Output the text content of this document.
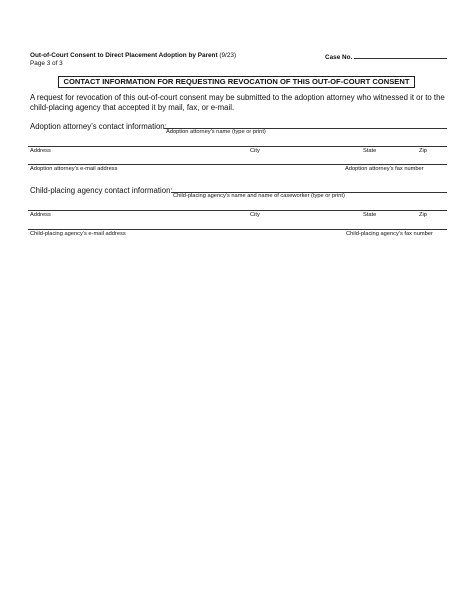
Out-of-Court Consent to Direct Placement Adoption by Parent (9/23)
Page 3 of 3
Case No.
CONTACT INFORMATION FOR REQUESTING REVOCATION OF THIS OUT-OF-COURT CONSENT
A request for revocation of this out-of-court consent may be submitted to the adoption attorney who witnessed it or to the child-placing agency that accepted it by mail, fax, or e-mail.
Adoption attorney’s contact information:
Adoption attorney’s name (type or print)
Address	City	State	Zip
Adoption attorney’s e-mail address	Adoption attorney’s fax number
Child-placing agency contact information:
Child-placing agency’s name and name of caseworker (type or print)
Address	City	State	Zip
Child-placing agency’s e-mail address	Child-placing agency’s fax number
